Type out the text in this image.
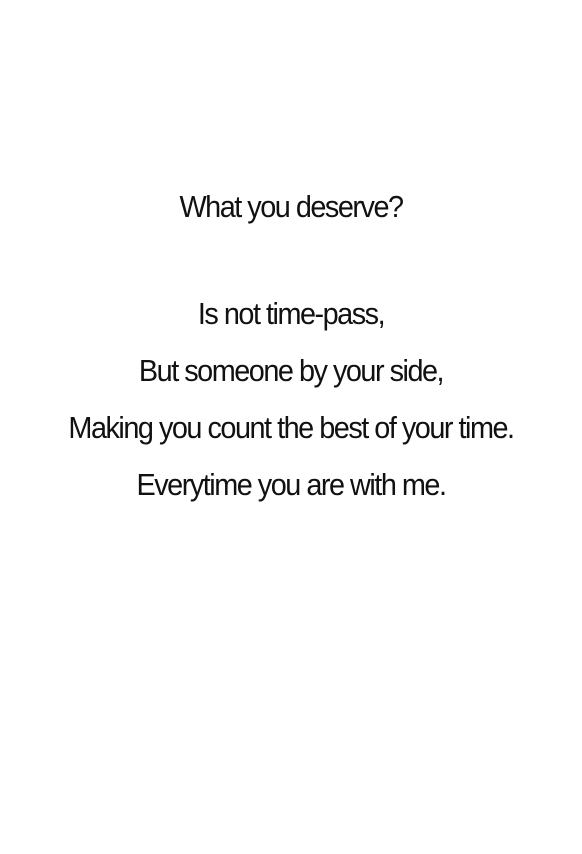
What you deserve?
Is not time-pass,
But someone by your side,
Making you count the best of your time.
Everytime you are with me.
